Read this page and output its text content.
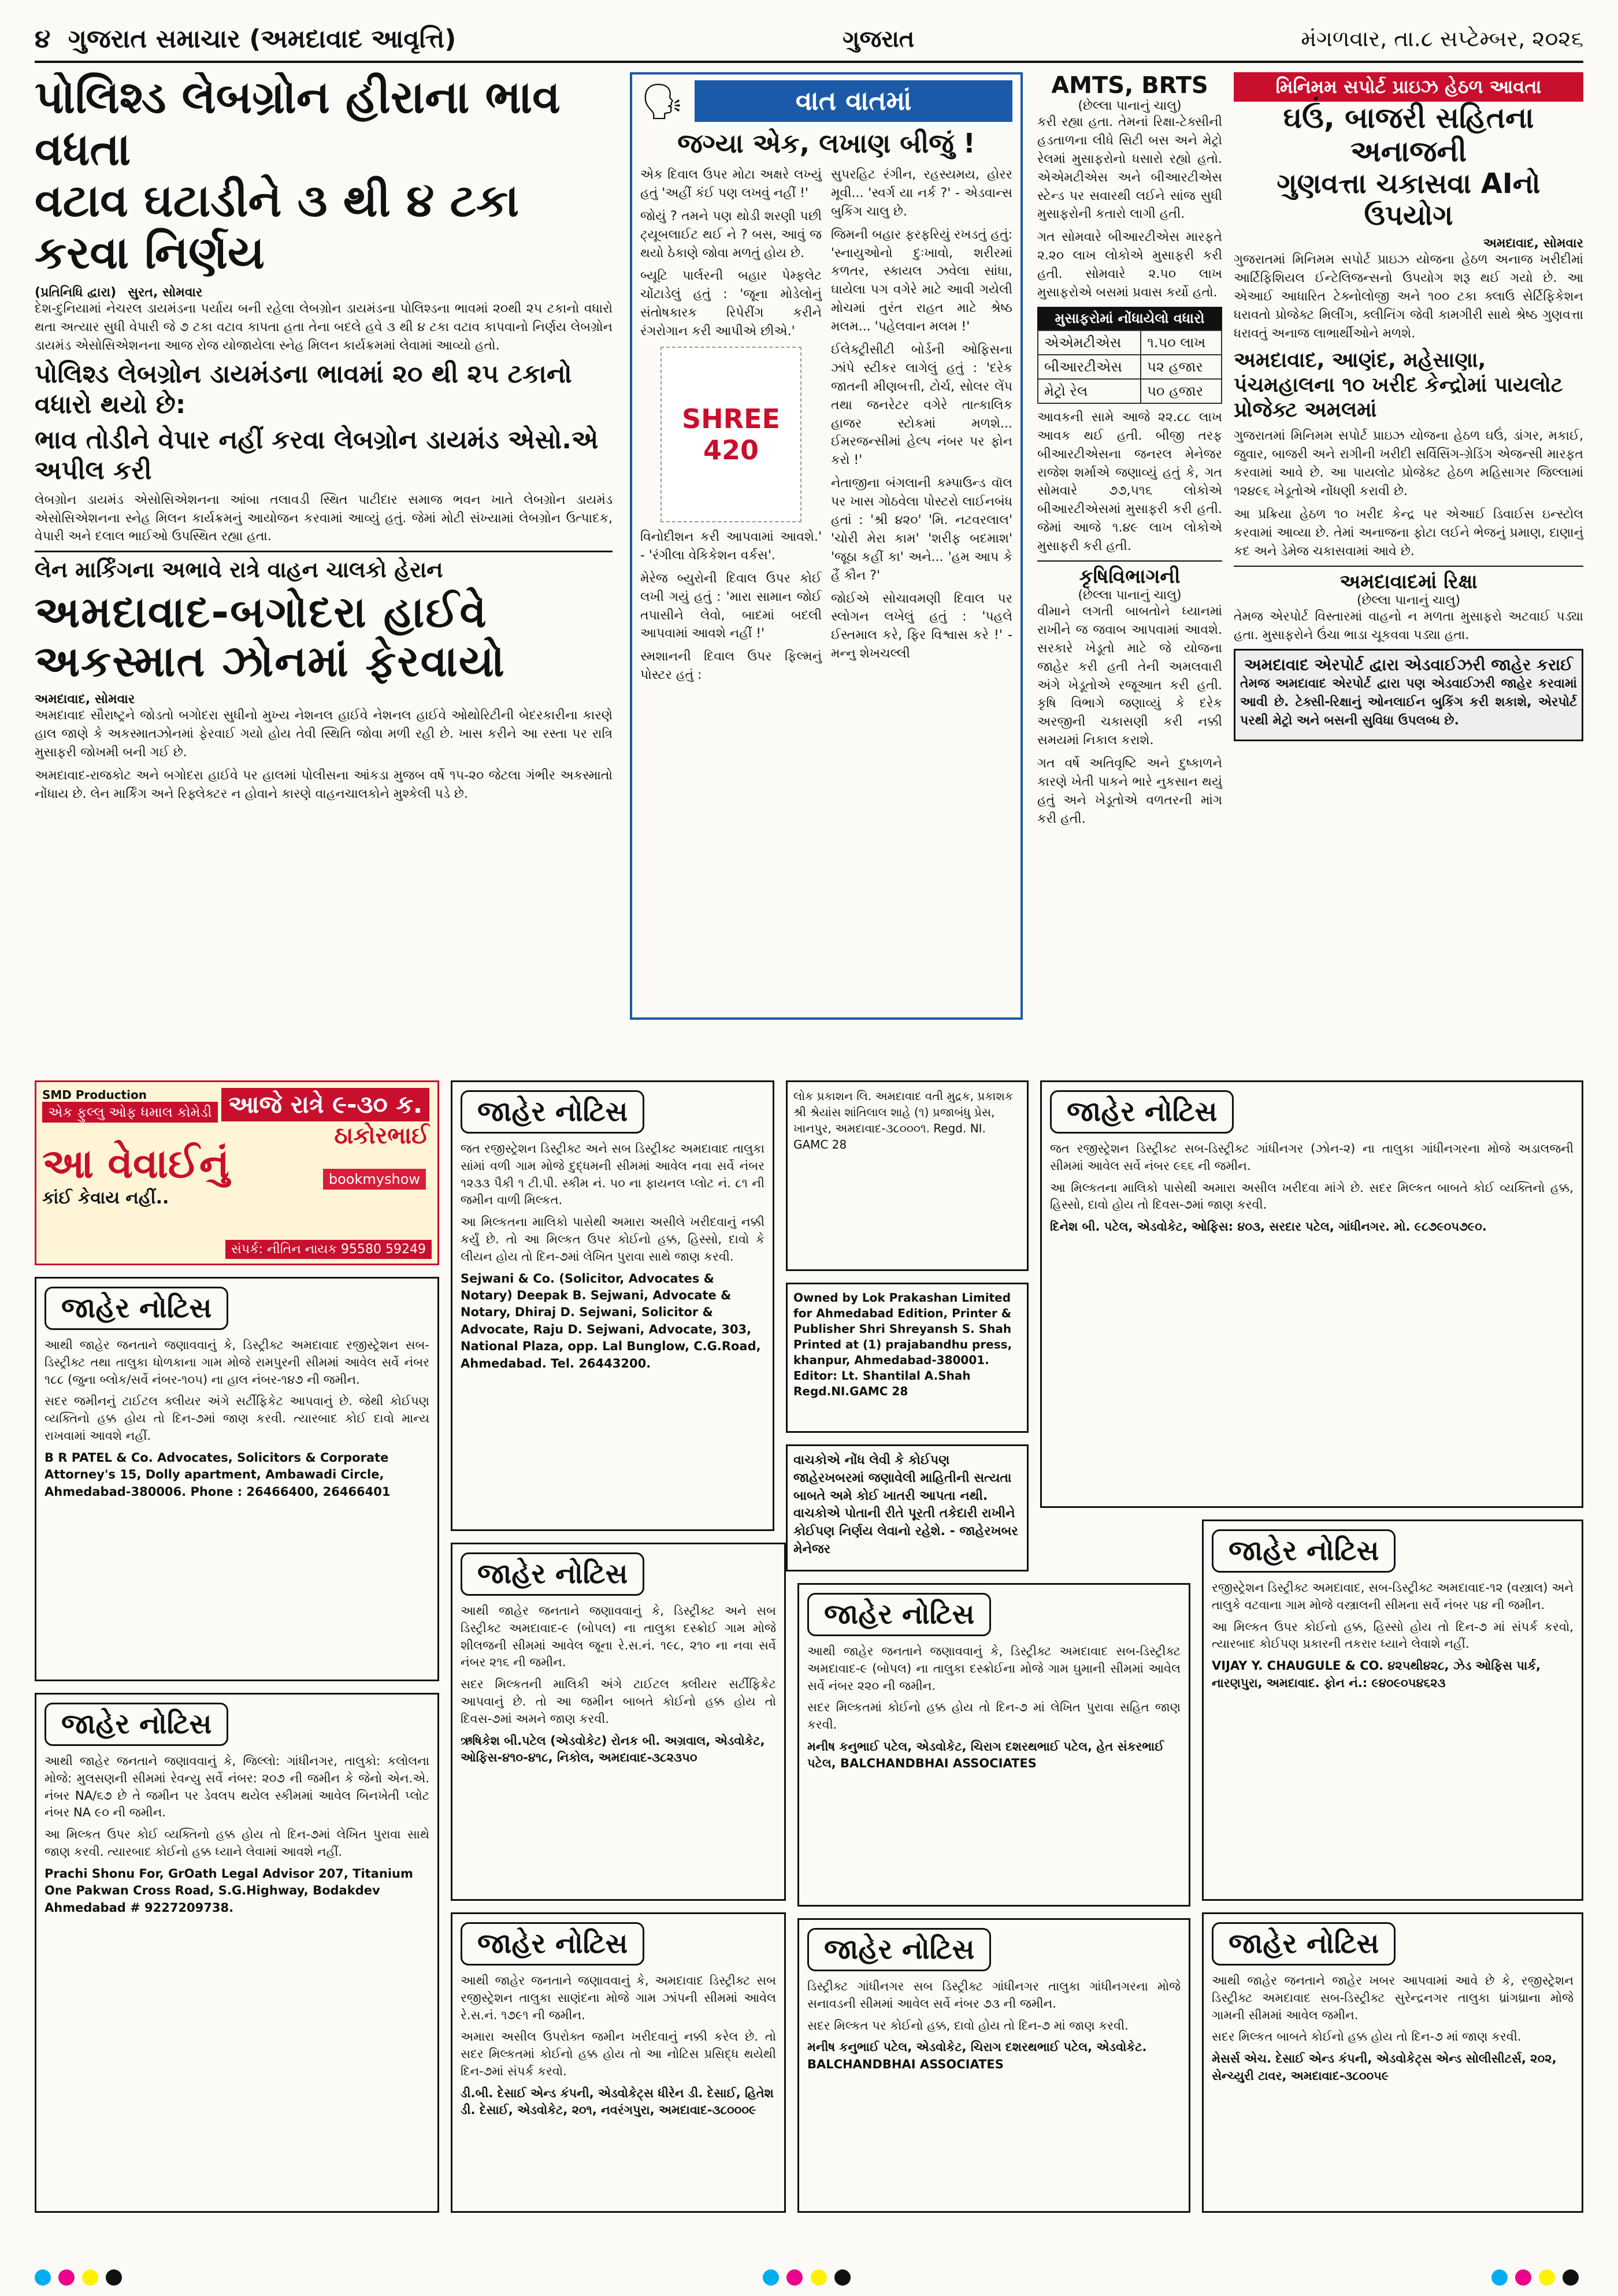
૪ ગુજરાત સમાચાર (અમદાવાદ આવૃત્તિ)	ગુજરાત	મંગળવાર, તા.૮ સપ્ટેમ્બર, ૨૦૨૬
પોલિશ્ડ લેબગ્રોન હીરાના ભાવ વધતા
વટાવ ઘટાડીને ૩ થી ૪ ટકા કરવા નિર્ણય
(પ્રતિનિધિ દ્વારા) સુરત, સોમવાર

દેશ-દુનિયામાં નેચરલ ડાયમંડના પર્યાય બની રહેલા લેબગ્રોન ડાયમંડના પોલિશ્ડના ભાવમાં ૨૦થી ૨૫ ટકાનો વધારો થતા અત્યાર સુધી વેપારી જે ૭ ટકા વટાવ કાપતા હતા તેના બદલે હવે ૩ થી ૪ ટકા વટાવ કાપવાનો નિર્ણય લેબગ્રોન ડાયમંડ એસોસિએશનના આજ રોજ યોજાયેલા સ્નેહ મિલન કાર્યક્રમમાં લેવામાં આવ્યો હતો.

પોલિશ્ડ લેબગ્રોન ડાયમંડના ભાવમાં ૨૦ થી ૨૫ ટકાનો વધારો થયો છે:
ભાવ તોડીને વેપાર નહીં કરવા લેબગ્રોન ડાયમંડ એસો.એ અપીલ કરી

લેબગ્રોન ડાયમંડ એસોસિએશનના આંબા તલાવડી સ્થિત પાટીદાર સમાજ ભવન ખાતે લેબગ્રોન ડાયમંડ એસોસિએશનના સ્નેહ મિલન કાર્યક્રમનું આયોજન કરવામાં આવ્યું હતું. જેમાં મોટી સંખ્યામાં લેબગ્રોન ઉત્પાદક, વેપારી અને દલાલ ભાઈઓ ઉપસ્થિત રહ્યા હતા.

લેન માર્કિંગના અભાવે રાત્રે વાહન ચાલકો હેરાન
અમદાવાદ-બગોદરા હાઈવે
અકસ્માત ઝોનમાં ફેરવાયો
અમદાવાદ, સોમવાર

અમદાવાદ સૌરાષ્ટ્રને જોડતો બગોદરા સુધીનો મુખ્ય નેશનલ હાઈવે નેશનલ હાઈવે ઓથોરિટીની બેદરકારીના કારણે હાલ જાણે કે અકસ્માતઝોનમાં ફેરવાઈ ગયો હોય તેવી સ્થિતિ જોવા મળી રહી છે. ખાસ કરીને આ રસ્તા પર રાત્રિ મુસાફરી જોખમી બની ગઈ છે.

અમદાવાદ-રાજકોટ અને બગોદરા હાઈવે પર હાલમાં પોલીસના આંકડા મુજબ વર્ષે ૧૫-૨૦ જેટલા ગંભીર અકસ્માતો નોંધાય છે. લેન માર્કિંગ અને રિફ્લેક્ટર ન હોવાને કારણે વાહનચાલકોને મુશ્કેલી પડે છે.

🗣	વાત વાતમાં
જગ્યા એક, લખાણ બીજું !

એક દિવાલ ઉપર મોટા અક્ષરે લખ્યું હતું 'અહીં કંઈ પણ લખવું નહીં !'

જોયું ? તમને પણ થોડી શરણી પછી ટ્યૂબલાઈટ થઈ ને ? બસ, આવું જ થયો ઠેકાણે જોવા મળતું હોય છે.

બ્યૂટિ પાર્લરની બહાર પેમ્ફલેટ ચોંટાડેલું હતું : 'જૂના મોડેલોનું સંતોષકારક રિપેરીંગ કરીને રંગરોગાન કરી આપીએ છીએ.'

SHREE 420

વિનોદીશન કરી આપવામાં આવશે.' - 'રંગીલા વેકિકેશન વર્કસ'.

મેરેજ બ્યુરોની દિવાલ ઉપર કોઈ લખી ગયું હતું : 'મારા સામાન જોઈ તપાસીને લેવો, બાદમાં બદલી આપવામાં આવશે નહીં !'

સ્મશાનની દિવાલ ઉપર ફિલ્મનું પોસ્ટર હતું :

સુપરહિટ રંગીન, રહસ્યમય, હોરર મૂવી... 'સ્વર્ગ યા નર્ક ?' - એડવાન્સ બુકિંગ ચાલુ છે.

જિમની બહાર ફરફરિયું રખડતું હતું: 'સ્નાયુઓનો દુઃખાવો, શરીરમાં કળતર, સ્કાયલ ઝવેલા સાંધા, ઘાયેલા પગ વગેરે માટે આવી ગયેલી મોચમાં તુરંત રાહત માટે શ્રેષ્ઠ મલમ... 'પહેલવાન મલમ !'

ઈલેક્ટ્રીસીટી બોર્ડની ઓફિસના ઝાંપે સ્ટીકર લાગેલું હતું : 'દરેક જાતની મીણબત્તી, ટોર્ચ, સોલર લેંપ તથા જનરેટર વગેરે તાત્કાલિક હાજર સ્ટોકમાં મળશે... ઈમરજન્સીમાં હેલ્પ નંબર પર ફોન કરો !'

નેતાજીના બંગલાની કમ્પાઉન્ડ વૉલ પર ખાસ ગોઠવેલા પોસ્ટરો લાઈનબંધ હતાં : 'શ્રી ૪૨૦' 'મિ. નટવરલાલ' 'ચોરી મેરા કામ' 'શરીફ બદમાશ' 'જૂઠા કહીં કા' અને... 'હમ આપ કે હૈં કૌન ?'

જોઈએ સોચાવમણી દિવાલ પર સ્લોગન લખેલું હતું : 'પહલે ઈસ્તમાલ કરે, ફિર વિશ્વાસ કરે !' - મન્નુ શેખચલ્લી

AMTS, BRTS
(છેલ્લા પાનાનું ચાલુ)

કરી રહ્યા હતા. તેમનાં રિક્ષા-ટેક્સીની હડતાળના લીધે સિટી બસ અને મેટ્રો રેલમાં મુસાફરોનો ધસારો રહ્યો હતો. એએમટીએસ અને બીઆરટીએસ સ્ટેન્ડ પર સવારથી લઈને સાંજ સુધી મુસાફરોની કતારો લાગી હતી.

ગત સોમવારે બીઆરટીએસ મારફતે ૨.૨૦ લાખ લોકોએ મુસાફરી કરી હતી. સોમવારે ૨.૫૦ લાખ મુસાફરોએ બસમાં પ્રવાસ કર્યો હતો.

મુસાફરોમાં નોંધાયેલો વધારો
એએમટીએસ	૧.૫૦ લાખ
બીઆરટીએસ	૫૨ હજાર
મેટ્રો રેલ	૫૦ હજાર

આવકની સામે આજે ૨૨.૮૮ લાખ આવક થઈ હતી. બીજી તરફ બીઆરટીએસના જનરલ મેનેજર રાજેશ શર્માએ જણાવ્યું હતું કે, ગત સોમવારે ૭૭,૫૧૬ લોકોએ બીઆરટીએસમાં મુસાફરી કરી હતી. જેમાં આજે ૧.૪૯ લાખ લોકોએ મુસાફરી કરી હતી.

કૃષિવિભાગની
(છેલ્લા પાનાનું ચાલુ)

વીમાને લગતી બાબતોને ધ્યાનમાં રાખીને જ જવાબ આપવામાં આવશે. સરકારે ખેડૂતો માટે જે યોજના જાહેર કરી હતી તેની અમલવારી અંગે ખેડૂતોએ રજૂઆત કરી હતી. કૃષિ વિભાગે જણાવ્યું કે દરેક અરજીની ચકાસણી કરી નક્કી સમયમાં નિકાલ કરાશે.

ગત વર્ષે અતિવૃષ્ટિ અને દુષ્કાળને કારણે ખેતી પાકને ભારે નુકસાન થયું હતું અને ખેડૂતોએ વળતરની માંગ કરી હતી.

મિનિમમ સપોર્ટ પ્રાઇઝ હેઠળ આવતા
ઘઉં, બાજરી સહિતના અનાજની
ગુણવત્તા ચકાસવા AIનો ઉપયોગ
અમદાવાદ, સોમવાર

ગુજરાતમાં મિનિમમ સપોર્ટ પ્રાઇઝ યોજના હેઠળ અનાજ ખરીદીમાં આર્ટિફિશિયલ ઈન્ટેલિજન્સનો ઉપયોગ શરૂ થઈ ગયો છે. આ એઆઈ આધારિત ટેક્નોલોજી અને ૧૦૦ ટકા ક્લાઉ સેર્ટિફિકેશન ધરાવતો પ્રોજેક્ટ મિલીંગ, ક્લીનિંગ જેવી કામગીરી સાથે શ્રેષ્ઠ ગુણવત્તા ધરાવતું અનાજ લાભાર્થીઓને મળશે.

અમદાવાદ, આણંદ, મહેસાણા, પંચમહાલના ૧૦ ખરીદ કેન્દ્રોમાં પાયલોટ પ્રોજેક્ટ અમલમાં

ગુજરાતમાં મિનિમમ સપોર્ટ પ્રાઇઝ યોજના હેઠળ ઘઉં, ડાંગર, મકાઈ, જુવાર, બાજરી અને રાગીની ખરીદી સર્વિસિંગ-ગ્રેડિંગ એજન્સી મારફત કરવામાં આવે છે. આ પાયલોટ પ્રોજેક્ટ હેઠળ મહિસાગર જિલ્લામાં ૧૨૪૯૬ ખેડૂતોએ નોંધણી કરાવી છે.

આ પ્રક્રિયા હેઠળ ૧૦ ખરીદ કેન્દ્ર પર એઆઈ ડિવાઈસ ઇન્સ્ટોલ કરવામાં આવ્યા છે. તેમાં અનાજના ફોટા લઈને ભેજનું પ્રમાણ, દાણાનું કદ અને ડેમેજ ચકાસવામાં આવે છે.

અમદાવાદમાં રિક્ષા
(છેલ્લા પાનાનું ચાલુ)

તેમજ એરપોર્ટ વિસ્તારમાં વાહનો ન મળતા મુસાફરો અટવાઈ પડ્યા હતા. મુસાફરોને ઉંચા ભાડા ચૂકવવા પડ્યા હતા.

અમદાવાદ એરપોર્ટ દ્વારા એડવાઈઝરી જાહેર કરાઈ

તેમજ અમદાવાદ એરપોર્ટ દ્વારા પણ એડવાઈઝરી જાહેર કરવામાં આવી છે. ટેક્સી-રિક્ષાનું ઓનલાઈન બુકિંગ કરી શકાશે, એરપોર્ટ પરથી મેટ્રો અને બસની સુવિધા ઉપલબ્ધ છે.

SMD Production
એક ફુલ્લુ ઓફ ધમાલ કોમેડી આજે રાત્રે ૯-૩૦ ક.
ઠાકોરભાઈ
આ વેવાઈનું
કાંઈ કેવાય નહીં..
bookmyshow
સંપર્ક: નીતિન નાયક 95580 59249
જાહેર નોટિસ

જત રજીસ્ટ્રેશન ડિસ્ટ્રીક્ટ અને સબ ડિસ્ટ્રીક્ટ અમદાવાદ તાલુકા સાંમાં વળી ગામ મોજે દુદ્ધમની સીમમાં આવેલ નવા સર્વે નંબર ૧૨૩૩ પૈકી ૧ ટી.પી. સ્કીમ નં. ૫૦ ના ફાયનલ પ્લોટ નં. ૮૧ ની જમીન વાળી મિલ્કત.

આ મિલ્કતના માલિકો પાસેથી અમારા અસીલે ખરીદવાનું નક્કી કર્યું છે. તો આ મિલ્કત ઉપર કોઈનો હક્ક, હિસ્સો, દાવો કે લીયન હોય તો દિન-૭માં લેખિત પુરાવા સાથે જાણ કરવી.

Sejwani & Co. (Solicitor, Advocates & Notary) Deepak B. Sejwani, Advocate & Notary, Dhiraj D. Sejwani, Solicitor & Advocate, Raju D. Sejwani, Advocate, 303, National Plaza, opp. Lal Bunglow, C.G.Road, Ahmedabad. Tel. 26443200.
લોક પ્રકાશન લિ. અમદાવાદ વતી મુદ્રક, પ્રકાશક શ્રી શ્રેયાંસ શાંતિલાલ શાહે (૧) પ્રજાબંધુ પ્રેસ, ખાનપુર, અમદાવાદ-૩૮૦૦૦૧. Regd. NI. GAMC 28
Owned by Lok Prakashan Limited for Ahmedabad Edition, Printer & Publisher Shri Shreyansh S. Shah Printed at (1) prajabandhu press, khanpur, Ahmedabad-380001. Editor: Lt. Shantilal A.Shah Regd.NI.GAMC 28
વાચકોએ નોંધ લેવી કે કોઈપણ જાહેરખબરમાં જણાવેલી માહિતીની સત્યતા બાબતે અમે કોઈ ખાતરી આપતા નથી. વાચકોએ પોતાની રીતે પૂરતી તકેદારી રાખીને કોઈપણ નિર્ણય લેવાનો રહેશે. - જાહેરખબર મેનેજર
જાહેર નોટિસ

આથી જાહેર જનતાને જણાવવાનું કે, ડિસ્ટ્રીક્ટ અમદાવાદ રજીસ્ટ્રેશન સબ-ડિસ્ટ્રીક્ટ તથા તાલુકા ધોળકાના ગામ મોજે રામપુરની સીમમાં આવેલ સર્વે નંબર ૧૮૮ (જુના બ્લોક/સર્વે નંબર-૧૦૫) ના હાલ નંબર-૧૪૭ ની જમીન.

સદર જમીનનું ટાઈટલ ક્લીયર અંગે સર્ટીફિકેટ આપવાનું છે. જેથી કોઈપણ વ્યક્તિનો હક્ક હોય તો દિન-૭માં જાણ કરવી. ત્યારબાદ કોઈ દાવો માન્ય રાખવામાં આવશે નહીં.

B R PATEL & Co. Advocates, Solicitors & Corporate Attorney's 15, Dolly apartment, Ambawadi Circle, Ahmedabad-380006. Phone : 26466400, 26466401
જાહેર નોટિસ

જત રજીસ્ટ્રેશન ડિસ્ટ્રીક્ટ સબ-ડિસ્ટ્રીક્ટ ગાંધીનગર (ઝોન-૨) ના તાલુકા ગાંધીનગરના મોજે અડાલજની સીમમાં આવેલ સર્વે નંબર ૯૬૬ ની જમીન.

આ મિલ્કતના માલિકો પાસેથી અમારા અસીલ ખરીદવા માંગે છે. સદર મિલ્કત બાબતે કોઈ વ્યક્તિનો હક્ક, હિસ્સો, દાવો હોય તો દિવસ-૭માં જાણ કરવી.

દિનેશ બી. પટેલ, એડવોકેટ, ઓફિસ: ૪૦૩, સરદાર પટેલ, ગાંધીનગર. મો. ૯૮૭૯૦૫૭૯૦.
જાહેર નોટિસ

આથી જાહેર જનતાને જણાવવાનું કે, ડિસ્ટ્રીક્ટ અને સબ ડિસ્ટ્રીક્ટ અમદાવાદ-૯ (બોપલ) ના તાલુકા દસ્ક્રોઈ ગામ મોજે શીલજની સીમમાં આવેલ જૂના રે.સ.નં. ૧૯૮, ૨૧૦ ના નવા સર્વે નંબર ૨૧૬ ની જમીન.

સદર મિલ્કતની માલિકી અંગે ટાઈટલ ક્લીયર સર્ટીફિકેટ આપવાનું છે. તો આ જમીન બાબતે કોઈનો હક્ક હોય તો દિવસ-૭માં અમને જાણ કરવી.

ઋષિકેશ બી.પટેલ (એડવોકેટ) રોનક બી. અગ્રવાલ, એડવોકેટ, ઓફિસ-૪૧૦-૪૧૮, નિકોલ, અમદાવાદ-૩૮૨૩૫૦
જાહેર નોટિસ

આથી જાહેર જનતાને જણાવવાનું કે, ડિસ્ટ્રીક્ટ અમદાવાદ સબ-ડિસ્ટ્રીક્ટ અમદાવાદ-૯ (બોપલ) ના તાલુકા દસ્ક્રોઈના મોજે ગામ ઘુમાની સીમમાં આવેલ સર્વે નંબર ૨૨૦ ની જમીન.

સદર મિલ્કતમાં કોઈનો હક્ક હોય તો દિન-૭ માં લેખિત પુરાવા સહિત જાણ કરવી.

મનીષ કનુભાઈ પટેલ, એડવોકેટ, ચિરાગ દશરથભાઈ પટેલ, હેત સંકરભાઈ પટેલ, BALCHANDBHAI ASSOCIATES
જાહેર નોટિસ

રજીસ્ટ્રેશન ડિસ્ટ્રીક્ટ અમદાવાદ, સબ-ડિસ્ટ્રીક્ટ અમદાવાદ-૧૨ (વસ્ત્રાલ) અને તાલુકે વટવાના ગામ મોજે વસ્ત્રાલની સીમના સર્વે નંબર ૫૪ ની જમીન.

આ મિલ્કત ઉપર કોઈનો હક્ક, હિસ્સો હોય તો દિન-૭ માં સંપર્ક કરવો, ત્યારબાદ કોઈપણ પ્રકારની તકરાર ધ્યાને લેવાશે નહીં.

VIJAY Y. CHAUGULE & CO. ૪૨૫થી૪૨૮, ઝેડ ઓફિસ પાર્ક, નારણપુરા, અમદાવાદ. ફોન નં.: ૯૪૦૯૦૫૪૬૨૩
જાહેર નોટિસ

આથી જાહેર જનતાને જણાવવાનું કે, જિલ્લો: ગાંધીનગર, તાલુકો: કલોલના મોજે: મુલસણની સીમમાં રેવન્યુ સર્વે નંબર: ૨૦૭ ની જમીન કે જેનો એન.એ. નંબર NA/૬૭ છે તે જમીન પર ડેવલપ થયેલ સ્કીમમાં આવેલ બિનખેતી પ્લોટ નંબર NA ૯૦ ની જમીન.

આ મિલ્કત ઉપર કોઈ વ્યક્તિનો હક્ક હોય તો દિન-૭માં લેખિત પુરાવા સાથે જાણ કરવી. ત્યારબાદ કોઈનો હક્ક ધ્યાને લેવામાં આવશે નહીં.

Prachi Shonu For, GrOath Legal Advisor 207, Titanium One Pakwan Cross Road, S.G.Highway, Bodakdev Ahmedabad # 9227209738.
જાહેર નોટિસ

આથી જાહેર જનતાને જણાવવાનું કે, અમદાવાદ ડિસ્ટ્રીક્ટ સબ રજીસ્ટ્રેશન તાલુકા સાણંદના મોજે ગામ ઝાંપની સીમમાં આવેલ રે.સ.નં. ૧૭૯૧ ની જમીન.

અમારા અસીલ ઉપરોક્ત જમીન ખરીદવાનું નક્કી કરેલ છે. તો સદર મિલ્કતમાં કોઈનો હક્ક હોય તો આ નોટિસ પ્રસિદ્ધ થયેથી દિન-૭માં સંપર્ક કરવો.

ડી.બી. દેસાઈ એન્ડ કંપની, એડવોકેટ્સ ધીરેન ડી. દેસાઈ, હિતેશ ડી. દેસાઈ, એડવોકેટ, ૨૦૧, નવરંગપુરા, અમદાવાદ-૩૮૦૦૦૯
જાહેર નોટિસ

ડિસ્ટ્રીક્ટ ગાંધીનગર સબ ડિસ્ટ્રીક્ટ ગાંધીનગર તાલુકા ગાંધીનગરના મોજે સનાવડની સીમમાં આવેલ સર્વે નંબર ૭૩ ની જમીન.

સદર મિલ્કત પર કોઈનો હક્ક, દાવો હોય તો દિન-૭ માં જાણ કરવી.

મનીષ કનુભાઈ પટેલ, એડવોકેટ, ચિરાગ દશરથભાઈ પટેલ, એડવોકેટ. BALCHANDBHAI ASSOCIATES
જાહેર નોટિસ

આથી જાહેર જનતાને જાહેર ખબર આપવામાં આવે છે કે, રજીસ્ટ્રેશન ડિસ્ટ્રીક્ટ અમદાવાદ સબ-ડિસ્ટ્રીક્ટ સુરેન્દ્રનગર તાલુકા ધ્રાંગધ્રાના મોજે ગામની સીમમાં આવેલ જમીન.

સદર મિલ્કત બાબતે કોઈનો હક્ક હોય તો દિન-૭ માં જાણ કરવી.

મેસર્સ એચ. દેસાઈ એન્ડ કંપની, એડવોકેટ્સ એન્ડ સોલીસીટર્સ, ૨૦૨, સેન્ચ્યુરી ટાવર, અમદાવાદ-૩૮૦૦૫૯
